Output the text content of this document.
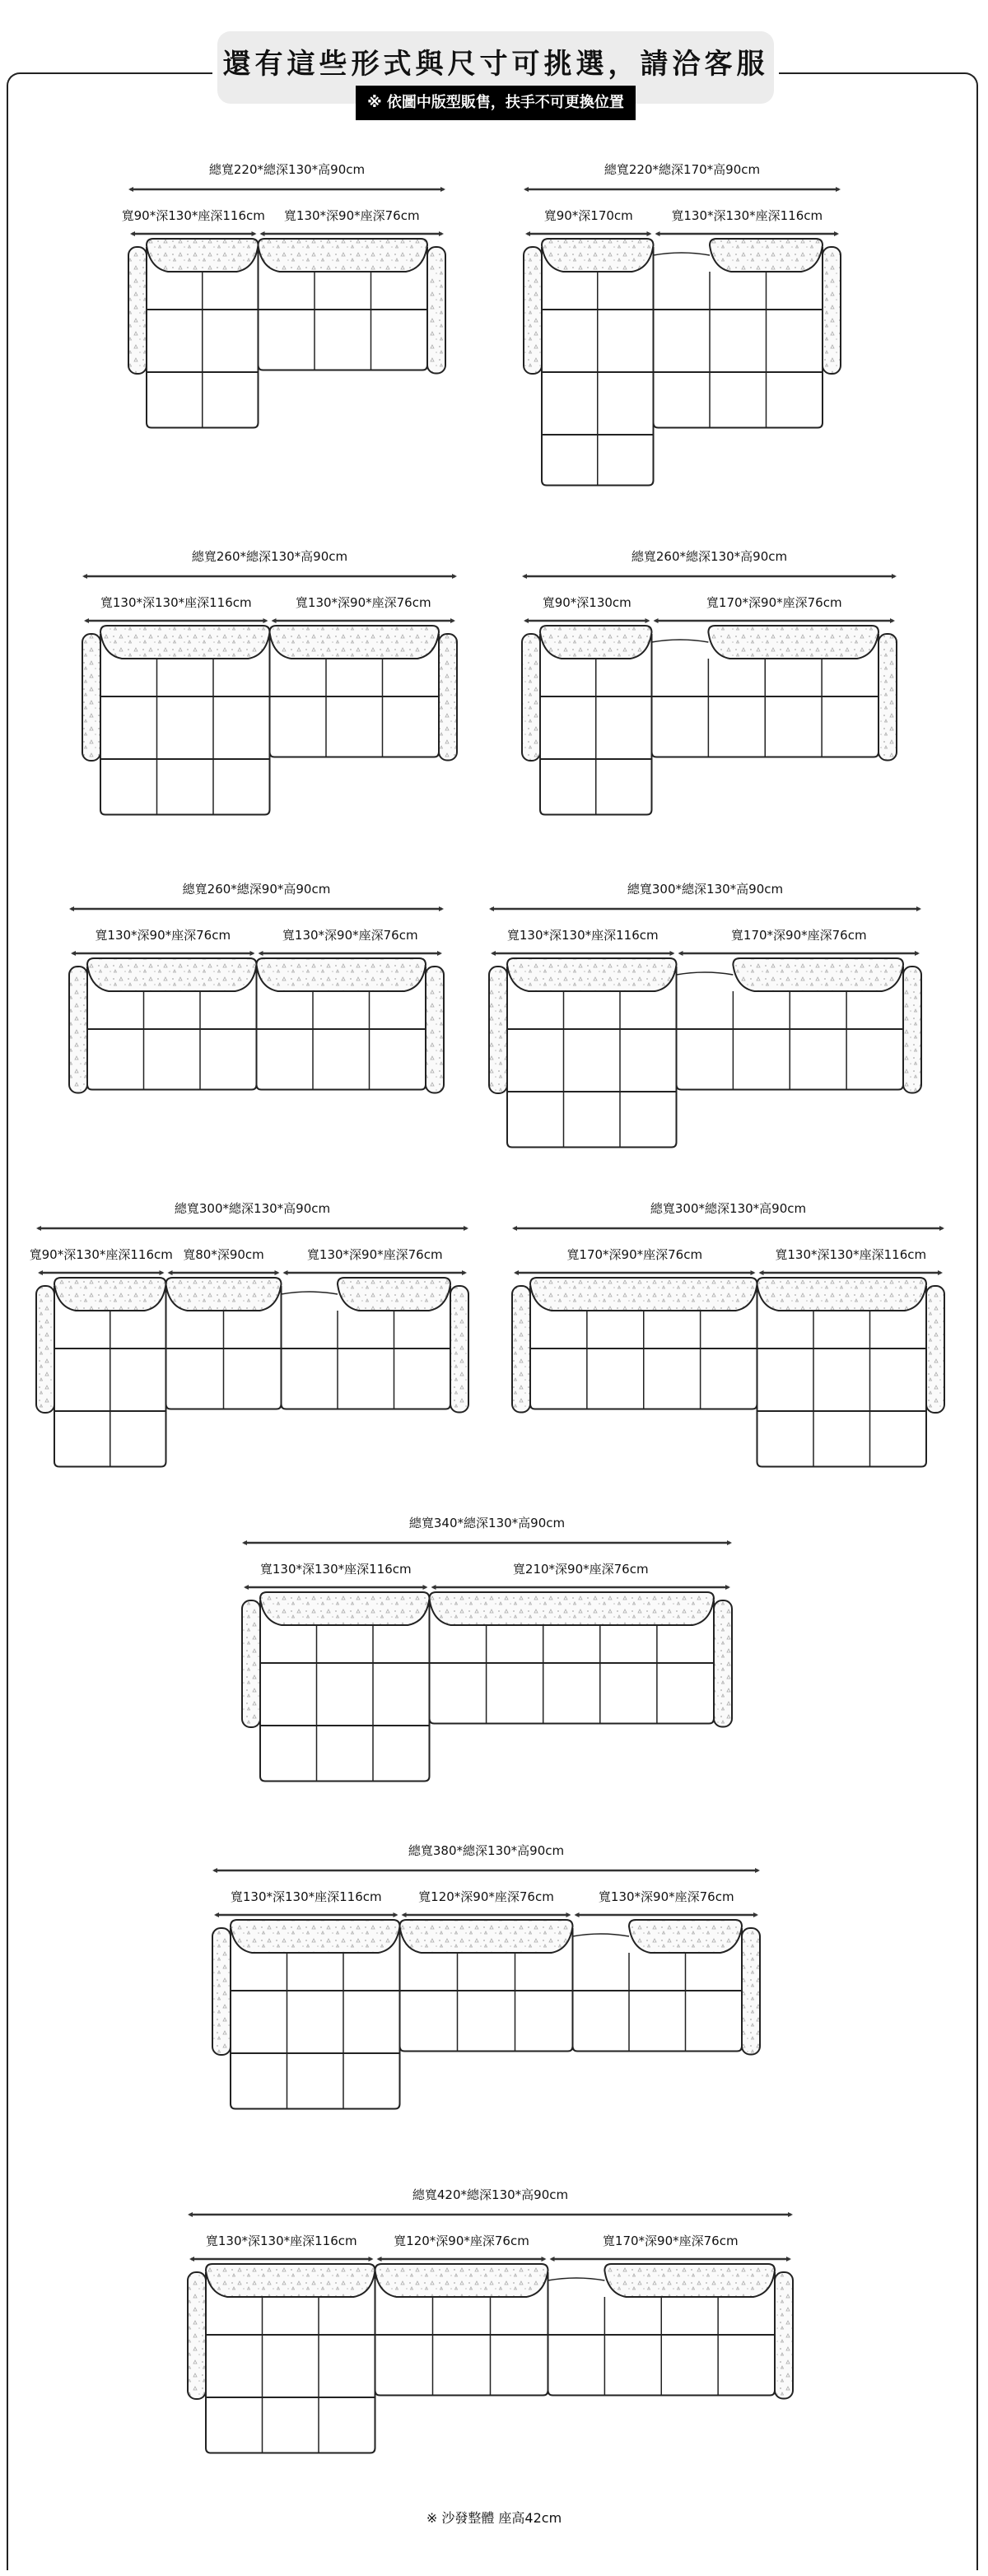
還有這些形式與尺寸可挑選，請洽客服
※ 依圖中版型販售，扶手不可更換位置
總寬220*總深130*高90cm
寬90*深130*座深116cm 寬130*深90*座深76cm
總寬220*總深170*高90cm
寬90*深170cm	寬130*深130*座深116cm
總寬260*總深130*高90cm
寬130*深130*座深116cm	寬130*深90*座深76cm
總寬260*總深130*高90cm
寬90*深130cm	寬170*深90*座深76cm
總寬260*總深90*高90cm
寬130*深90*座深76cm	寬130*深90*座深76cm
總寬300*總深130*高90cm
寬130*深130*座深116cm	寬170*深90*座深76cm
總寬300*總深130*高90cm
寬90*深130*座深116cm 寬80*深90cm	寬130*深90*座深76cm
總寬300*總深130*高90cm
寬170*深90*座深76cm	寬130*深130*座深116cm
總寬340*總深130*高90cm
寬130*深130*座深116cm	寬210*深90*座深76cm
總寬380*總深130*高90cm
寬130*深130*座深116cm	寬120*深90*座深76cm	寬130*深90*座深76cm
總寬420*總深130*高90cm
寬130*深130*座深116cm	寬120*深90*座深76cm	寬170*深90*座深76cm
※ 沙發整體 座高42cm
